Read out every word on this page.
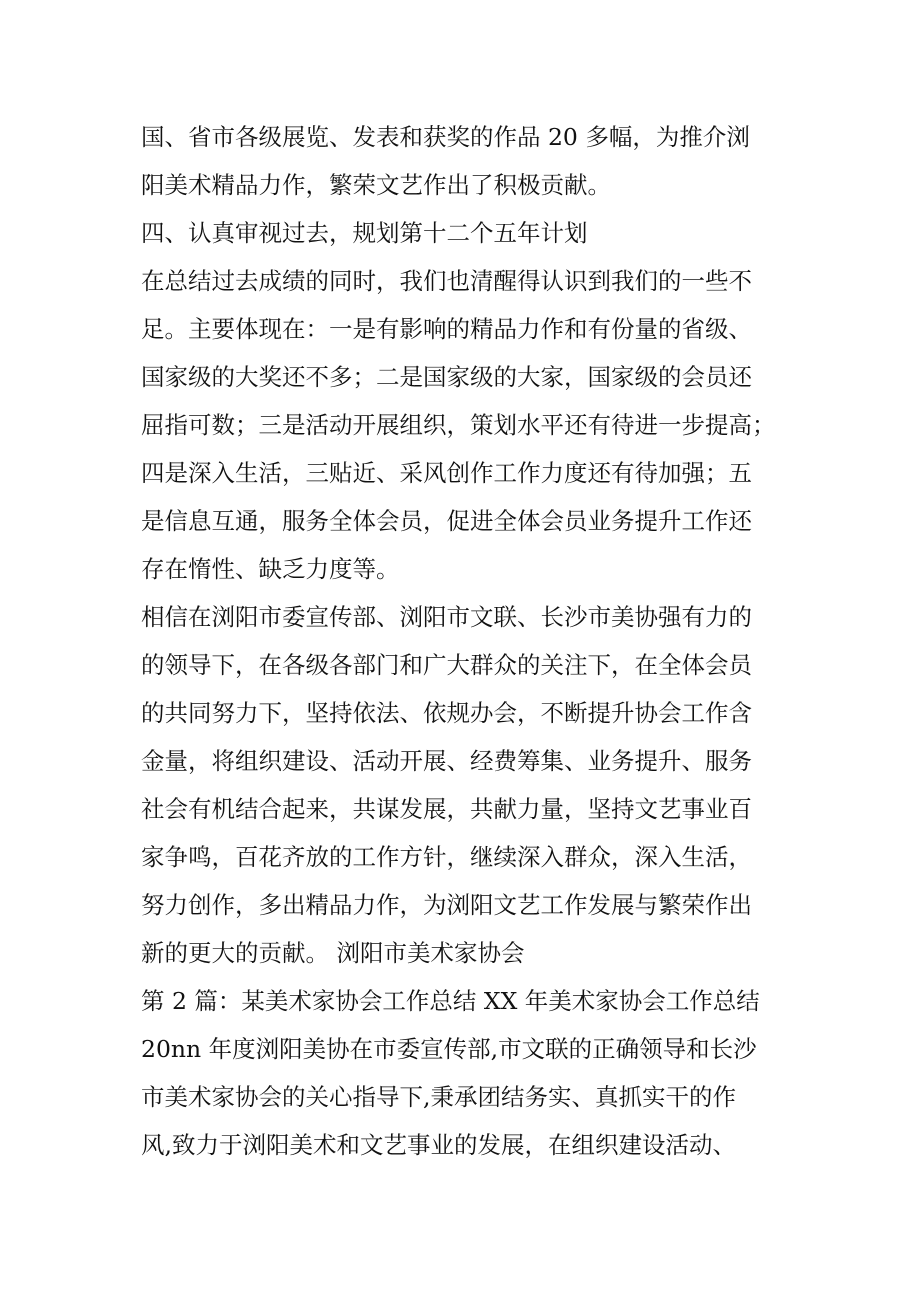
国、省市各级展览、发表和获奖的作品 20 多幅，为推介浏
阳美术精品力作，繁荣文艺作出了积极贡献。
四、认真审视过去，规划第十二个五年计划
在总结过去成绩的同时，我们也清醒得认识到我们的一些不
足。主要体现在：一是有影响的精品力作和有份量的省级、
国家级的大奖还不多；二是国家级的大家，国家级的会员还
屈指可数；三是活动开展组织，策划水平还有待进一步提高；
四是深入生活，三贴近、采风创作工作力度还有待加强；五
是信息互通，服务全体会员，促进全体会员业务提升工作还
存在惰性、缺乏力度等。
相信在浏阳市委宣传部、浏阳市文联、长沙市美协强有力的
的领导下，在各级各部门和广大群众的关注下，在全体会员
的共同努力下，坚持依法、依规办会，不断提升协会工作含
金量，将组织建设、活动开展、经费筹集、业务提升、服务
社会有机结合起来，共谋发展，共献力量，坚持文艺事业百
家争鸣，百花齐放的工作方针，继续深入群众，深入生活，
努力创作，多出精品力作，为浏阳文艺工作发展与繁荣作出
新的更大的贡献。 浏阳市美术家协会
第 2 篇：某美术家协会工作总结 XX 年美术家协会工作总结
20nn 年度浏阳美协在市委宣传部,市文联的正确领导和长沙
市美术家协会的关心指导下,秉承团结务实、真抓实干的作
风,致力于浏阳美术和文艺事业的发展，在组织建设活动、
